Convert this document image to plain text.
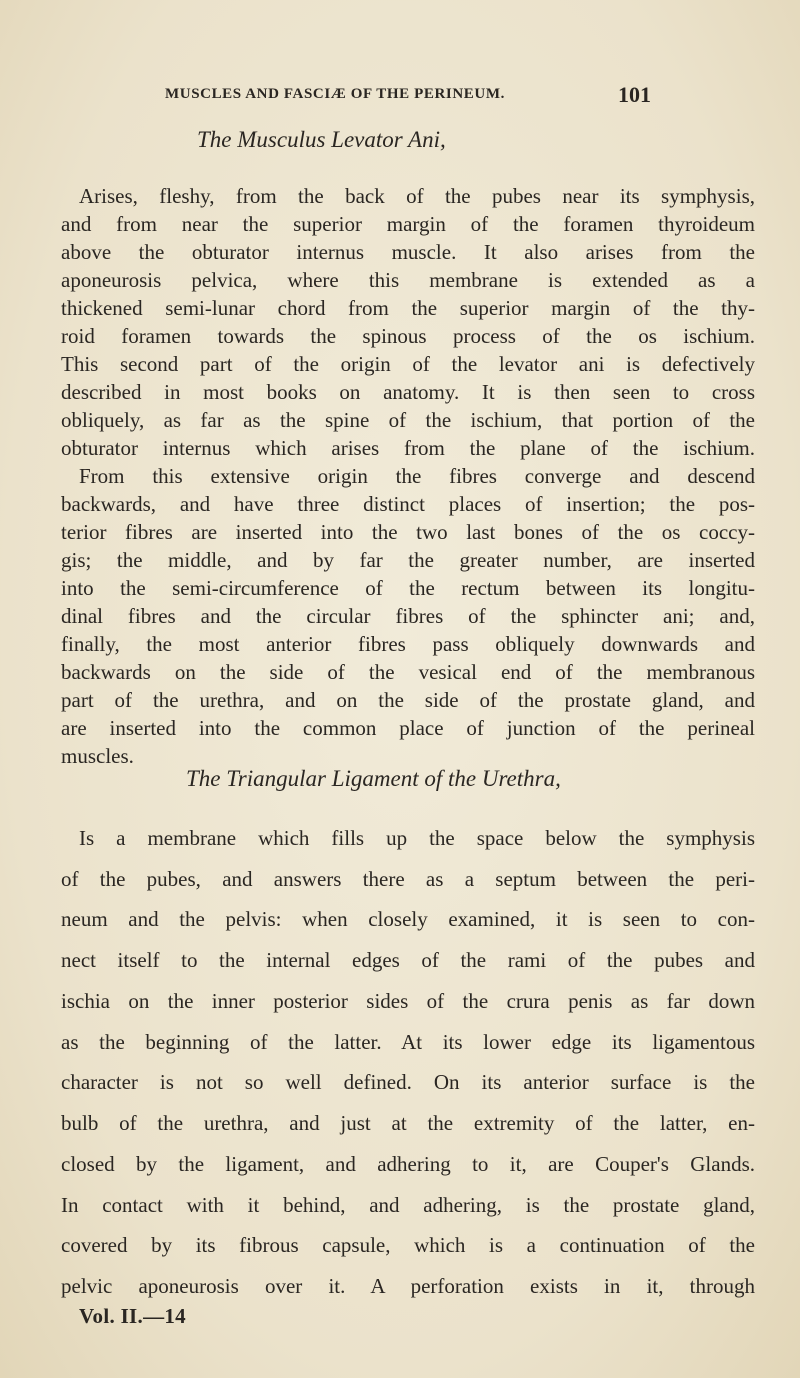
MUSCLES AND FASCIÆ OF THE PERINEUM.	101
The Musculus Levator Ani,
Arises, fleshy, from the back of the pubes near its symphysis,
and from near the superior margin of the foramen thyroideum
above the obturator internus muscle. It also arises from the
aponeurosis pelvica, where this membrane is extended as a
thickened semi-lunar chord from the superior margin of the thy-
roid foramen towards the spinous process of the os ischium.
This second part of the origin of the levator ani is defectively
described in most books on anatomy. It is then seen to cross
obliquely, as far as the spine of the ischium, that portion of the
obturator internus which arises from the plane of the ischium.
From this extensive origin the fibres converge and descend
backwards, and have three distinct places of insertion; the pos-
terior fibres are inserted into the two last bones of the os coccy-
gis; the middle, and by far the greater number, are inserted
into the semi-circumference of the rectum between its longitu-
dinal fibres and the circular fibres of the sphincter ani; and,
finally, the most anterior fibres pass obliquely downwards and
backwards on the side of the vesical end of the membranous
part of the urethra, and on the side of the prostate gland, and
are inserted into the common place of junction of the perineal
muscles.
The Triangular Ligament of the Urethra,
Is a membrane which fills up the space below the symphysis
of the pubes, and answers there as a septum between the peri-
neum and the pelvis: when closely examined, it is seen to con-
nect itself to the internal edges of the rami of the pubes and
ischia on the inner posterior sides of the crura penis as far down
as the beginning of the latter. At its lower edge its ligamentous
character is not so well defined. On its anterior surface is the
bulb of the urethra, and just at the extremity of the latter, en-
closed by the ligament, and adhering to it, are Couper's Glands.
In contact with it behind, and adhering, is the prostate gland,
covered by its fibrous capsule, which is a continuation of the
pelvic aponeurosis over it. A perforation exists in it, through
Vol. II.—14
